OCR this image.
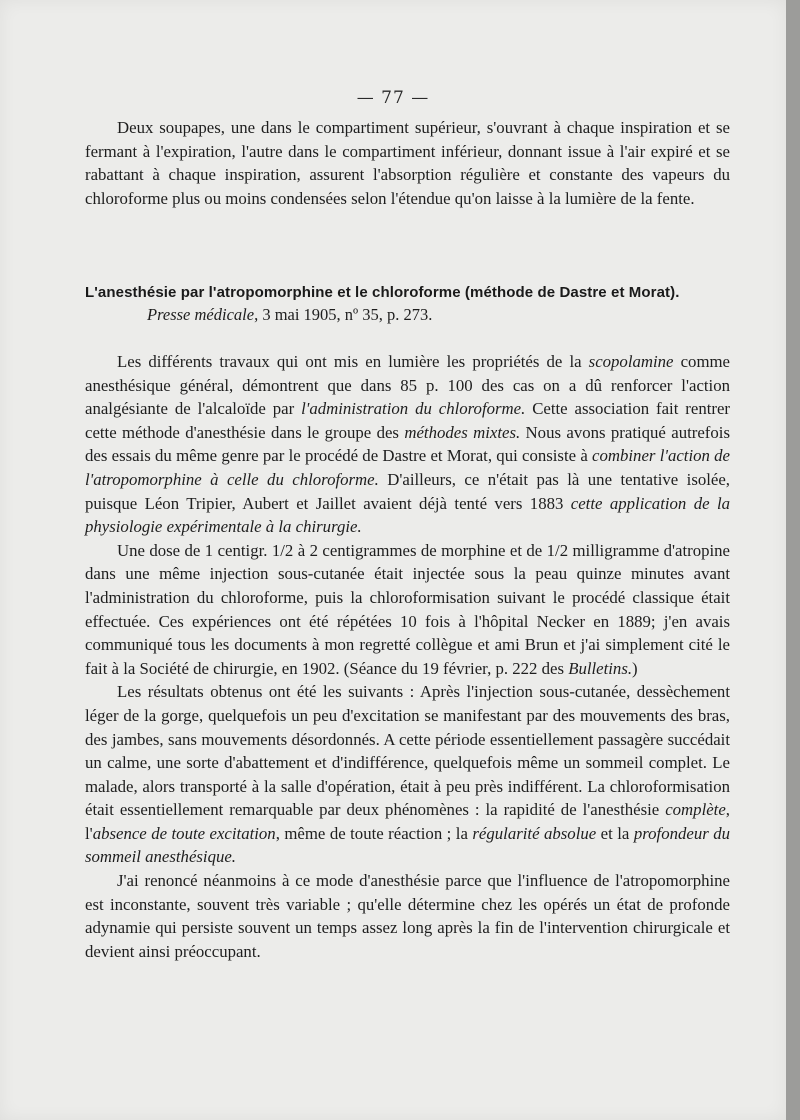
— 77 —

Deux soupapes, une dans le compartiment supérieur, s'ouvrant à chaque inspiration et se fermant à l'expiration, l'autre dans le compartiment inférieur, donnant issue à l'air expiré et se rabattant à chaque inspiration, assurent l'absorption régulière et constante des vapeurs du chloroforme plus ou moins condensées selon l'étendue qu'on laisse à la lumière de la fente.

L'anesthésie par l'atropomorphine et le chloroforme (méthode de Dastre et Morat).
Presse médicale, 3 mai 1905, nº 35, p. 273.

Les différents travaux qui ont mis en lumière les propriétés de la scopolamine comme anesthésique général, démontrent que dans 85 p. 100 des cas on a dû renforcer l'action analgésiante de l'alcaloïde par l'administration du chloroforme. Cette association fait rentrer cette méthode d'anesthésie dans le groupe des méthodes mixtes. Nous avons pratiqué autrefois des essais du même genre par le procédé de Dastre et Morat, qui consiste à combiner l'action de l'atropomorphine à celle du chloroforme. D'ailleurs, ce n'était pas là une tentative isolée, puisque Léon Tripier, Aubert et Jaillet avaient déjà tenté vers 1883 cette application de la physiologie expérimentale à la chirurgie.

Une dose de 1 centigr. 1/2 à 2 centigrammes de morphine et de 1/2 milligramme d'atropine dans une même injection sous-cutanée était injectée sous la peau quinze minutes avant l'administration du chloroforme, puis la chloroformisation suivant le procédé classique était effectuée. Ces expériences ont été répétées 10 fois à l'hôpital Necker en 1889; j'en avais communiqué tous les documents à mon regretté collègue et ami Brun et j'ai simplement cité le fait à la Société de chirurgie, en 1902. (Séance du 19 février, p. 222 des Bulletins.)

Les résultats obtenus ont été les suivants : Après l'injection sous-cutanée, dessèchement léger de la gorge, quelquefois un peu d'excitation se manifestant par des mouvements des bras, des jambes, sans mouvements désordonnés. A cette période essentiellement passagère succédait un calme, une sorte d'abattement et d'indifférence, quelquefois même un sommeil complet. Le malade, alors transporté à la salle d'opération, était à peu près indifférent. La chloroformisation était essentiellement remarquable par deux phénomènes : la rapidité de l'anesthésie complète, l'absence de toute excitation, même de toute réaction ; la régularité absolue et la profondeur du sommeil anesthésique.

J'ai renoncé néanmoins à ce mode d'anesthésie parce que l'influence de l'atropomorphine est inconstante, souvent très variable ; qu'elle détermine chez les opérés un état de profonde adynamie qui persiste souvent un temps assez long après la fin de l'intervention chirurgicale et devient ainsi préoccupant.
